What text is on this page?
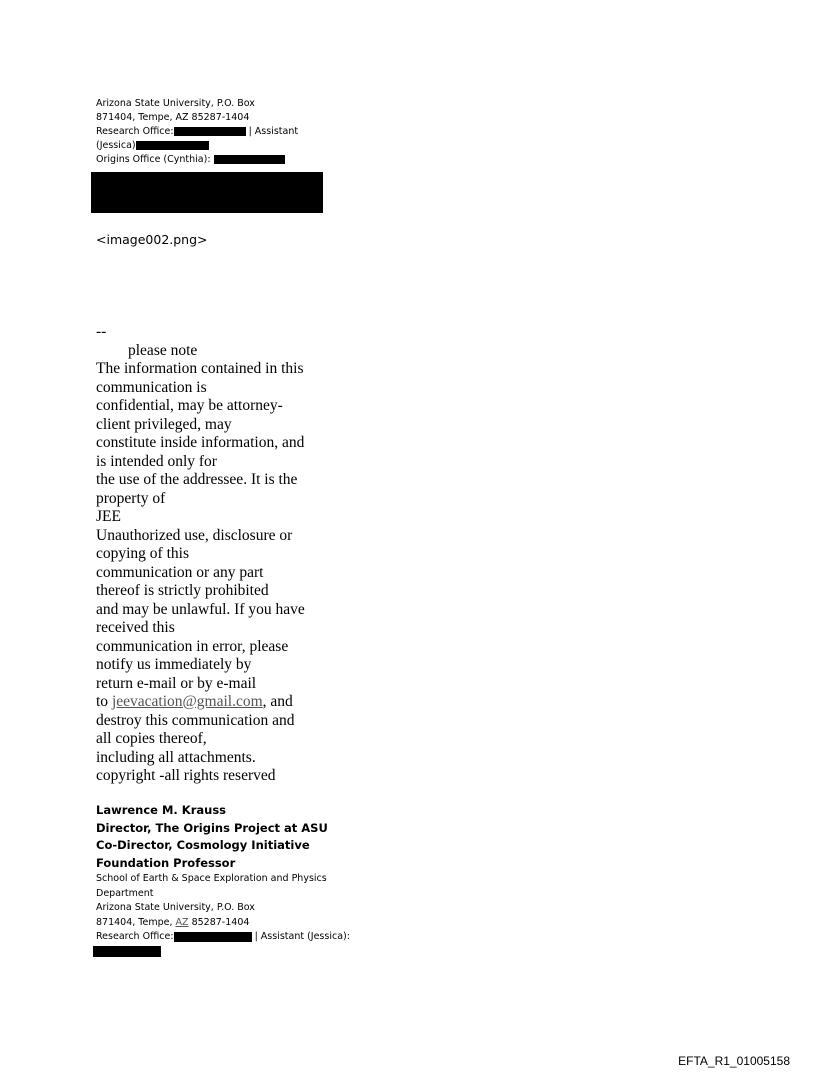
Arizona State University, P.O. Box
871404, Tempe, AZ 85287-1404
Research Office:	| Assistant
(Jessica)
Origins Office (Cynthia):
<image002.png>
--
please note
The information contained in this
communication is
confidential, may be attorney-
client privileged, may
constitute inside information, and
is intended only for
the use of the addressee. It is the
property of
JEE
Unauthorized use, disclosure or
copying of this
communication or any part
thereof is strictly prohibited
and may be unlawful. If you have
received this
communication in error, please
notify us immediately by
return e-mail or by e-mail
to jeevacation@gmail.com, and
destroy this communication and
all copies thereof,
including all attachments.
copyright -all rights reserved
Lawrence M. Krauss
Director, The Origins Project at ASU
Co-Director, Cosmology Initiative
Foundation Professor
School of Earth & Space Exploration and Physics
Department
Arizona State University, P.O. Box
871404, Tempe, AZ 85287-1404
Research Office:	| Assistant (Jessica):
EFTA_R1_01005158
